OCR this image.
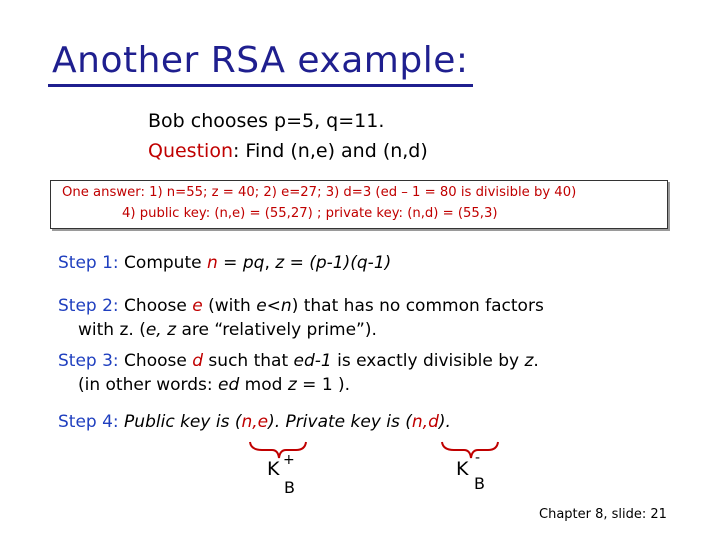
Another RSA example:
Bob chooses p=5, q=11.
Question: Find (n,e) and (n,d)
One answer: 1) n=55; z = 40; 2) e=27; 3) d=3 (ed – 1 = 80 is divisible by 40)
4) public key: (n,e) = (55,27) ; private key: (n,d) = (55,3)
Step 1: Compute n = pq, z = (p-1)(q-1)
Step 2: Choose e (with e<n) that has no common factors
with z. (e, z are “relatively prime”).
Step 3: Choose d such that ed-1 is exactly divisible by z.
(in other words: ed mod z = 1 ).
Step 4: Public key is (n,e). Private key is (n,d).
K +
B
K -
B
Chapter 8, slide: 21
